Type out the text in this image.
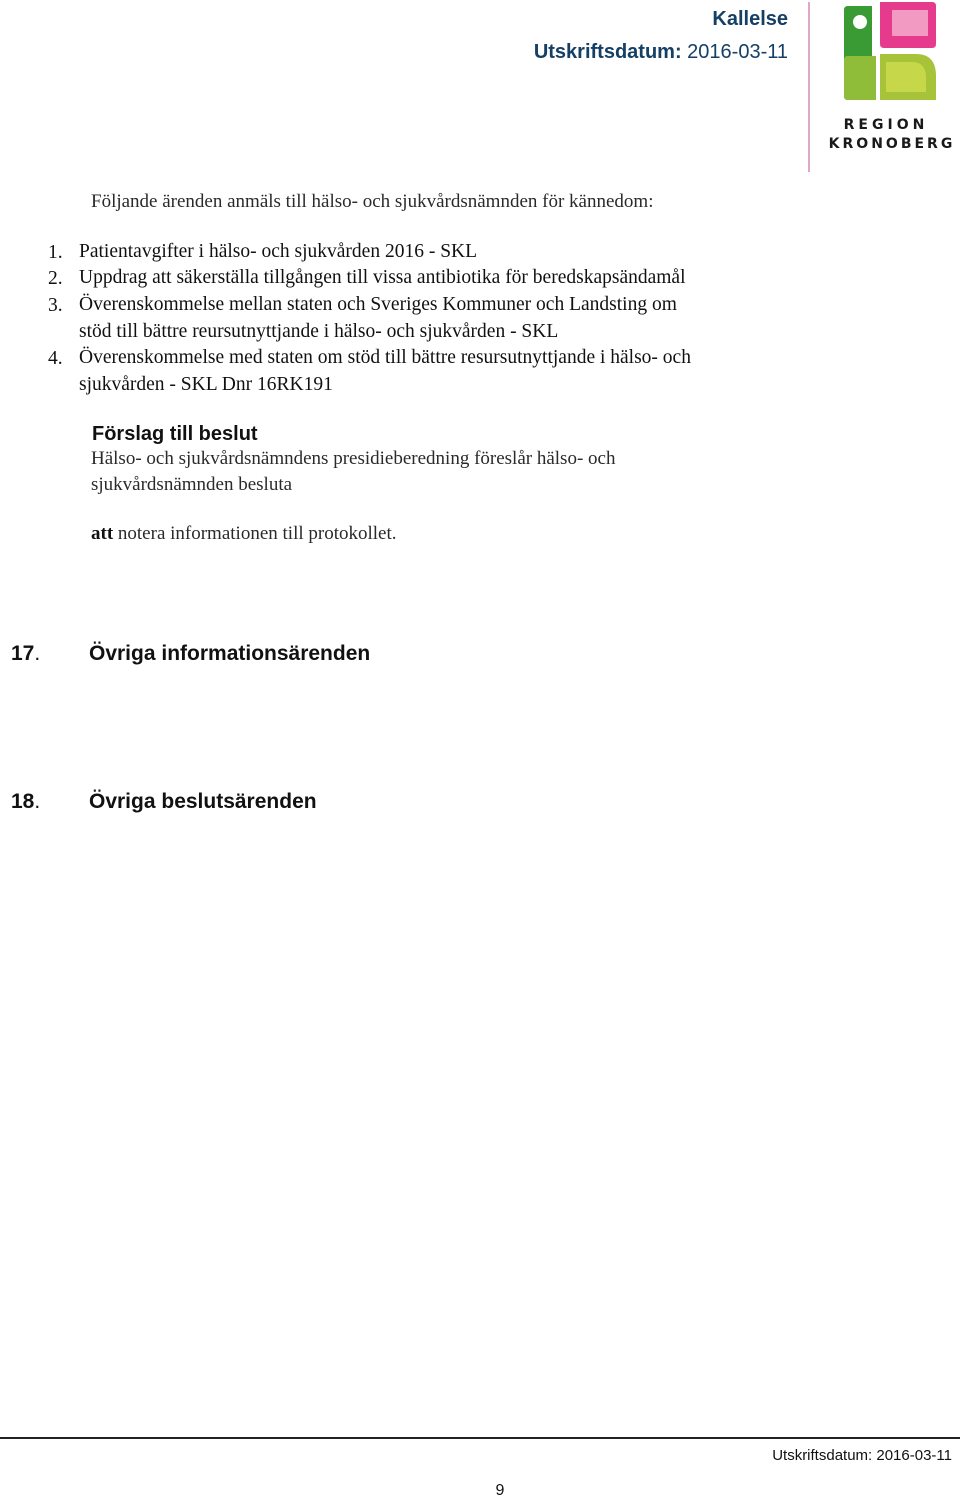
Kallelse
Utskriftsdatum: 2016-03-11
REGION
KRONOBERG
Följande ärenden anmäls till hälso- och sjukvårdsnämnden för kännedom:
1. Patientavgifter i hälso- och sjukvården 2016 - SKL
2. Uppdrag att säkerställa tillgången till vissa antibiotika för beredskapsändamål
3. Överenskommelse mellan staten och Sveriges Kommuner och Landsting om
stöd till bättre reursutnyttjande i hälso- och sjukvården - SKL
4. Överenskommelse med staten om stöd till bättre resursutnyttjande i hälso- och
sjukvården - SKL Dnr 16RK191
Förslag till beslut
Hälso- och sjukvårdsnämndens presidieberedning föreslår hälso- och sjukvårdsnämnden besluta
att notera informationen till protokollet.
17. Övriga informationsärenden
18. Övriga beslutsärenden
Utskriftsdatum: 2016-03-11
9
